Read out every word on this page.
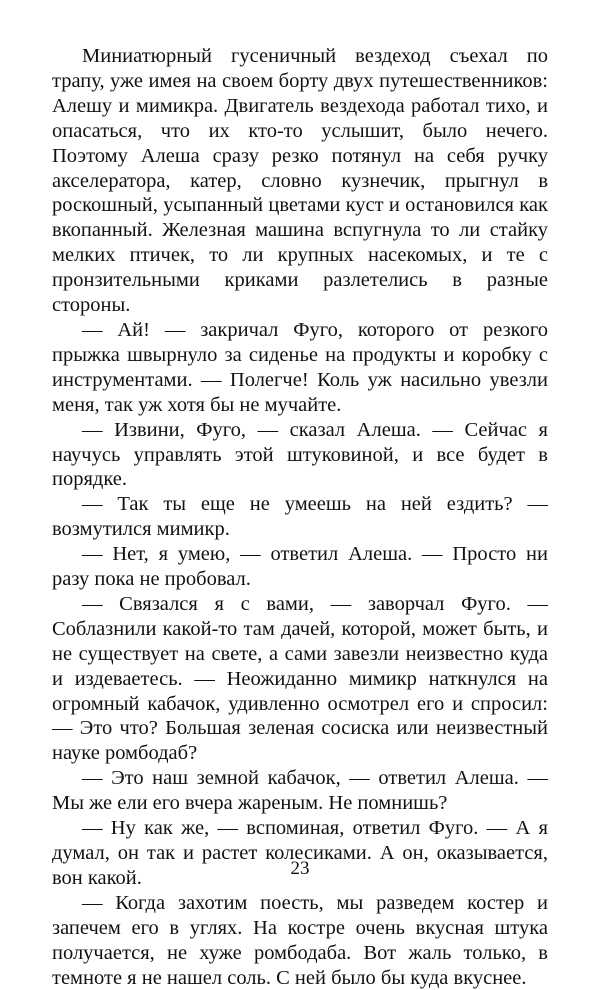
Миниатюрный гусеничный вездеход съехал по трапу, уже имея на своем борту двух путешественников: Алешу и мимикра. Двигатель вездехода работал тихо, и опасаться, что их кто-то услышит, было нечего. Поэтому Алеша сразу резко потянул на себя ручку акселератора, катер, словно кузнечик, прыгнул в роскошный, усыпанный цветами куст и остановился как вкопанный. Железная машина вспугнула то ли стайку мелких птичек, то ли крупных насекомых, и те с пронзительными криками разлетелись в разные стороны.

— Ай! — закричал Фуго, которого от резкого прыжка швырнуло за сиденье на продукты и коробку с инструментами. — Полегче! Коль уж насильно увезли меня, так уж хотя бы не мучайте.

— Извини, Фуго, — сказал Алеша. — Сейчас я научусь управлять этой штуковиной, и все будет в порядке.

— Так ты еще не умеешь на ней ездить? — возмутился мимикр.

— Нет, я умею, — ответил Алеша. — Просто ни разу пока не пробовал.

— Связался я с вами, — заворчал Фуго. — Соблазнили какой-то там дачей, которой, может быть, и не существует на свете, а сами завезли неизвестно куда и издеваетесь. — Неожиданно мимикр наткнулся на огромный кабачок, удивленно осмотрел его и спросил: — Это что? Большая зеленая сосиска или неизвестный науке ромбодаб?

— Это наш земной кабачок, — ответил Алеша. — Мы же ели его вчера жареным. Не помнишь?

— Ну как же, — вспоминая, ответил Фуго. — А я думал, он так и растет колесиками. А он, оказывается, вон какой.

— Когда захотим поесть, мы разведем костер и запечем его в углях. На костре очень вкусная штука получается, не хуже ромбодаба. Вот жаль только, в темноте я не нашел соль. С ней было бы куда вкуснее.

23
